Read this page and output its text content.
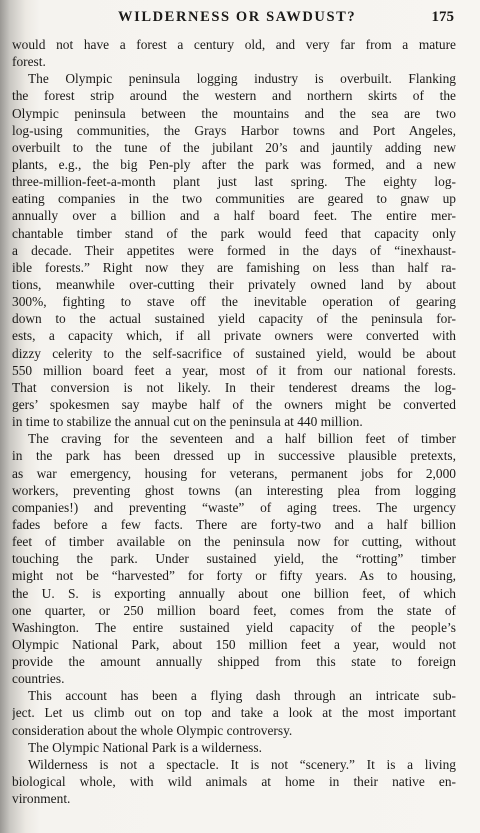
WILDERNESS OR SAWDUST?	175
would not have a forest a century old, and very far from a mature
forest.
The Olympic peninsula logging industry is overbuilt. Flanking
the forest strip around the western and northern skirts of the
Olympic peninsula between the mountains and the sea are two
log-using communities, the Grays Harbor towns and Port Angeles,
overbuilt to the tune of the jubilant 20’s and jauntily adding new
plants, e.g., the big Pen-ply after the park was formed, and a new
three-million-feet-a-month plant just last spring. The eighty log-
eating companies in the two communities are geared to gnaw up
annually over a billion and a half board feet. The entire mer-
chantable timber stand of the park would feed that capacity only
a decade. Their appetites were formed in the days of “inexhaust-
ible forests.” Right now they are famishing on less than half ra-
tions, meanwhile over-cutting their privately owned land by about
300%, fighting to stave off the inevitable operation of gearing
down to the actual sustained yield capacity of the peninsula for-
ests, a capacity which, if all private owners were converted with
dizzy celerity to the self-sacrifice of sustained yield, would be about
550 million board feet a year, most of it from our national forests.
That conversion is not likely. In their tenderest dreams the log-
gers’ spokesmen say maybe half of the owners might be converted
in time to stabilize the annual cut on the peninsula at 440 million.
The craving for the seventeen and a half billion feet of timber
in the park has been dressed up in successive plausible pretexts,
as war emergency, housing for veterans, permanent jobs for 2,000
workers, preventing ghost towns (an interesting plea from logging
companies!) and preventing “waste” of aging trees. The urgency
fades before a few facts. There are forty-two and a half billion
feet of timber available on the peninsula now for cutting, without
touching the park. Under sustained yield, the “rotting” timber
might not be “harvested” for forty or fifty years. As to housing,
the U. S. is exporting annually about one billion feet, of which
one quarter, or 250 million board feet, comes from the state of
Washington. The entire sustained yield capacity of the people’s
Olympic National Park, about 150 million feet a year, would not
provide the amount annually shipped from this state to foreign
countries.
This account has been a flying dash through an intricate sub-
ject. Let us climb out on top and take a look at the most important
consideration about the whole Olympic controversy.
The Olympic National Park is a wilderness.
Wilderness is not a spectacle. It is not “scenery.” It is a living
biological whole, with wild animals at home in their native en-
vironment.
